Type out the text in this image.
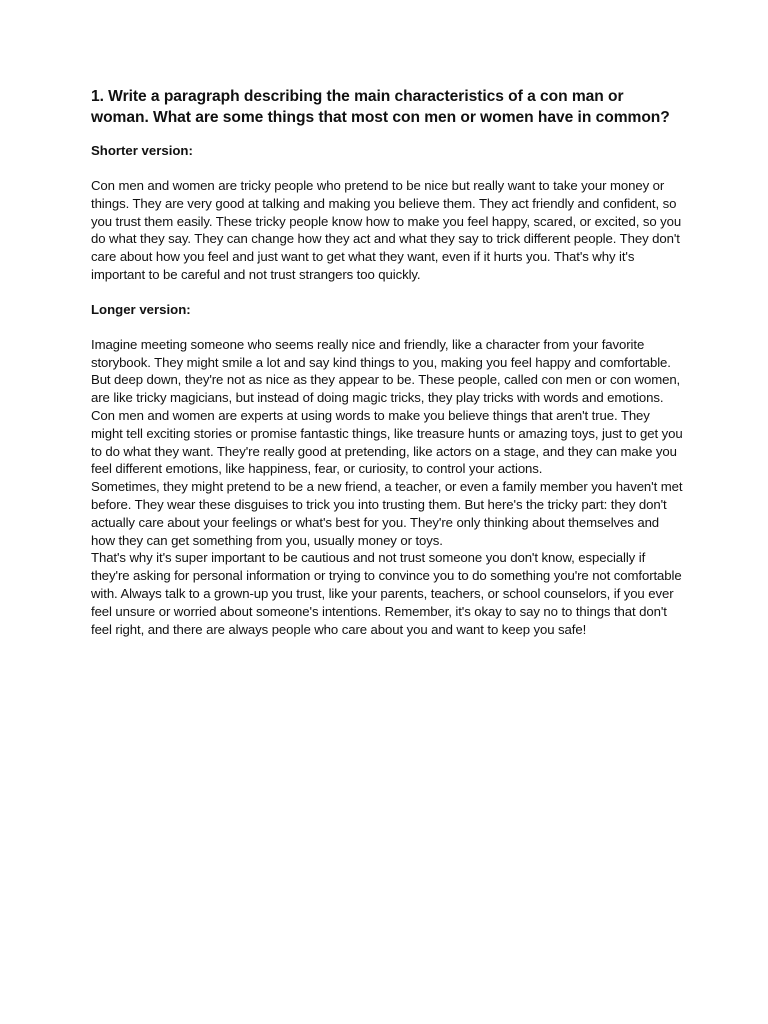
1. Write a paragraph describing the main characteristics of a con man or woman. What are some things that most con men or women have in common?

Shorter version:

Con men and women are tricky people who pretend to be nice but really want to take your money or things. They are very good at talking and making you believe them. They act friendly and confident, so you trust them easily. These tricky people know how to make you feel happy, scared, or excited, so you do what they say. They can change how they act and what they say to trick different people. They don't care about how you feel and just want to get what they want, even if it hurts you. That's why it's important to be careful and not trust strangers too quickly.

Longer version:

Imagine meeting someone who seems really nice and friendly, like a character from your favorite storybook. They might smile a lot and say kind things to you, making you feel happy and comfortable. But deep down, they're not as nice as they appear to be. These people, called con men or con women, are like tricky magicians, but instead of doing magic tricks, they play tricks with words and emotions.

Con men and women are experts at using words to make you believe things that aren't true. They might tell exciting stories or promise fantastic things, like treasure hunts or amazing toys, just to get you to do what they want. They're really good at pretending, like actors on a stage, and they can make you feel different emotions, like happiness, fear, or curiosity, to control your actions.

Sometimes, they might pretend to be a new friend, a teacher, or even a family member you haven't met before. They wear these disguises to trick you into trusting them. But here's the tricky part: they don't actually care about your feelings or what's best for you. They're only thinking about themselves and how they can get something from you, usually money or toys.

That's why it's super important to be cautious and not trust someone you don't know, especially if they're asking for personal information or trying to convince you to do something you're not comfortable with. Always talk to a grown-up you trust, like your parents, teachers, or school counselors, if you ever feel unsure or worried about someone's intentions. Remember, it's okay to say no to things that don't feel right, and there are always people who care about you and want to keep you safe!
